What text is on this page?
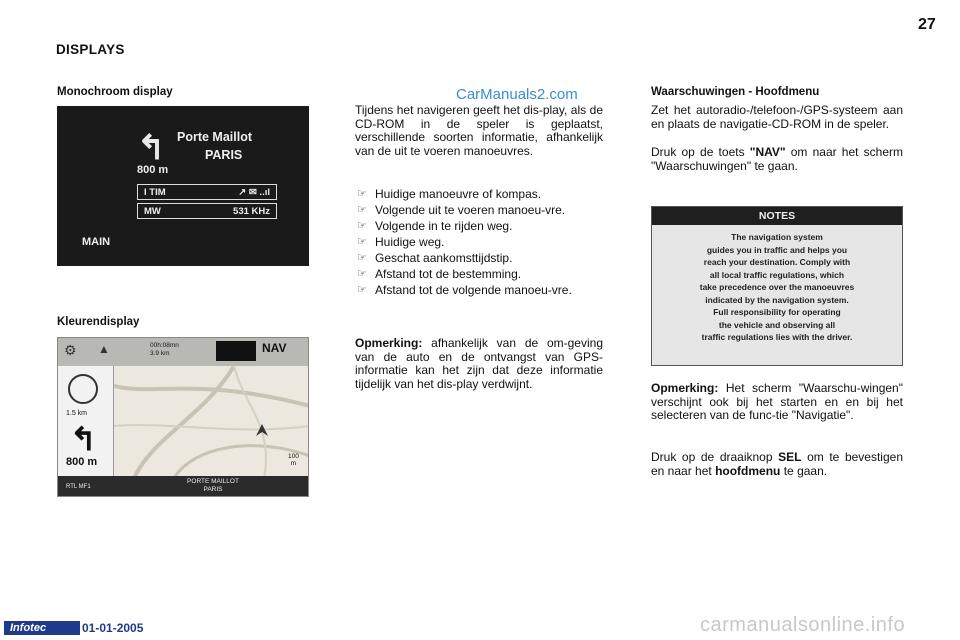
27
DISPLAYS
CarManuals2.com
Monochroom display
↰ Porte Maillot
PARIS
800 m
I TIM	↗ ✉ ..ıl
MW	531 KHz
MAIN
Kleurendisplay
⚙ ▲	00h:08mn
3.9 km	NAV
1.5 km
↰
800 m	100
m
RTL MF1
PORTE MAILLOT
PARIS
Tijdens het navigeren geeft het dis-play, als de CD-ROM in de speler is geplaatst, verschillende soorten informatie, afhankelijk van de uit te voeren manoeuvres.
☞ Huidige manoeuvre of kompas.
☞ Volgende uit te voeren manoeu-vre.
☞ Volgende in te rijden weg.
☞ Huidige weg.
☞ Geschat aankomsttijdstip.
☞ Afstand tot de bestemming.
☞ Afstand tot de volgende manoeu-vre.
Opmerking: afhankelijk van de om-geving van de auto en de ontvangst van GPS-informatie kan het zijn dat deze informatie tijdelijk van het dis-play verdwijnt.
Waarschuwingen - Hoofdmenu
Zet het autoradio-/telefoon-/GPS-systeem aan en plaats de navigatie-CD-ROM in de speler.
Druk op de toets "NAV" om naar het scherm "Waarschuwingen" te gaan.
NOTES
The navigation system
guides you in traffic and helps you
reach your destination. Comply with
all local traffic regulations, which
take precedence over the manoeuvres
indicated by the navigation system.
Full responsibility for operating
the vehicle and observing all
traffic regulations lies with the driver.
Opmerking: Het scherm "Waarschu-wingen" verschijnt ook bij het starten en en bij het selecteren van de func-tie "Navigatie".
Druk op de draaiknop SEL om te bevestigen en naar het hoofdmenu te gaan.
Infotec	01-01-2005	carmanualsonline.info
